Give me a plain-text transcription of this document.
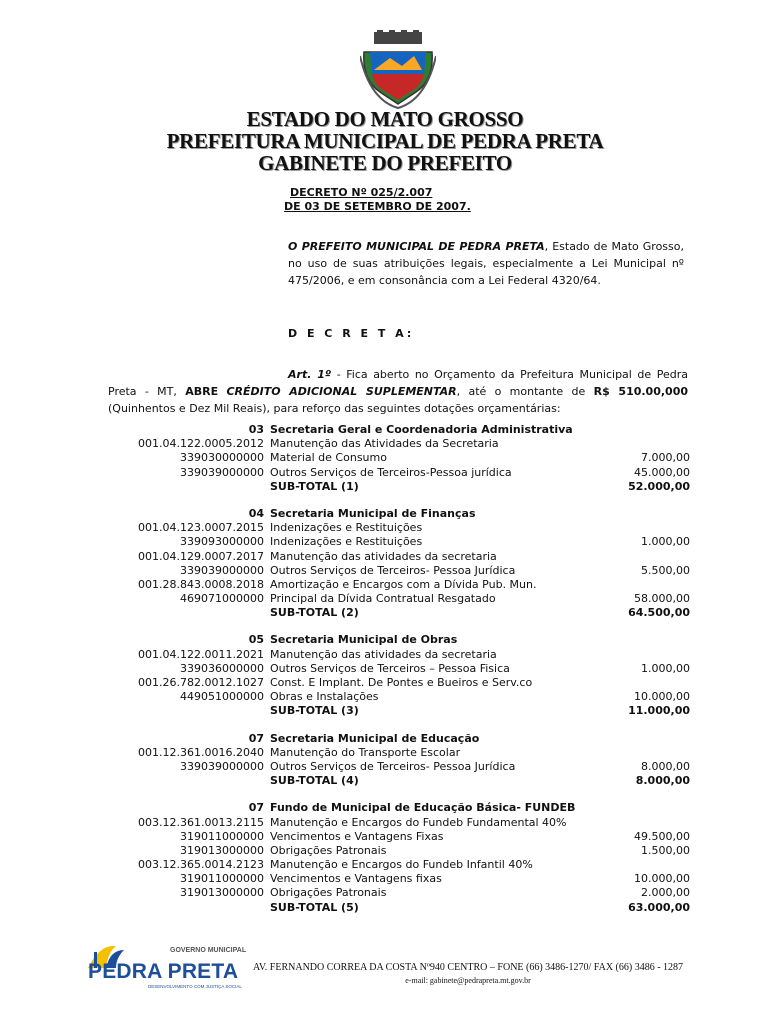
ESTADO DO MATO GROSSO
PREFEITURA MUNICIPAL DE PEDRA PRETA
GABINETE DO PREFEITO
DECRETO Nº 025/2.007
DE 03 DE SETEMBRO DE 2007.
O PREFEITO MUNICIPAL DE PEDRA PRETA, Estado de Mato Grosso, no uso de suas atribuições legais, especialmente a Lei Municipal nº 475/2006, e em consonância com a Lei Federal 4320/64.
D E C R E T A:
Art. 1º - Fica aberto no Orçamento da Prefeitura Municipal de Pedra Preta - MT, ABRE CRÉDITO ADICIONAL SUPLEMENTAR, até o montante de R$ 510.00,000 (Quinhentos e Dez Mil Reais), para reforço das seguintes dotações orçamentárias:
03 Secretaria Geral e Coordenadoria Administrativa
001.04.122.0005.2012 Manutenção das Atividades da Secretaria
339030000000 Material de Consumo	7.000,00
339039000000 Outros Serviços de Terceiros-Pessoa jurídica	45.000,00
SUB-TOTAL (1)	52.000,00
04 Secretaria Municipal de Finanças
001.04.123.0007.2015 Indenizações e Restituições
339093000000 Indenizações e Restituições	1.000,00
001.04.129.0007.2017 Manutenção das atividades da secretaria
339039000000 Outros Serviços de Terceiros- Pessoa Jurídica	5.500,00
001.28.843.0008.2018 Amortização e Encargos com a Dívida Pub. Mun.
469071000000 Principal da Dívida Contratual Resgatado	58.000,00
SUB-TOTAL (2)	64.500,00
05 Secretaria Municipal de Obras
001.04.122.0011.2021 Manutenção das atividades da secretaria
339036000000 Outros Serviços de Terceiros – Pessoa Fisica	1.000,00
001.26.782.0012.1027 Const. E Implant. De Pontes e Bueiros e Serv.co
449051000000 Obras e Instalações	10.000,00
SUB-TOTAL (3)	11.000,00
07 Secretaria Municipal de Educação
001.12.361.0016.2040 Manutenção do Transporte Escolar
339039000000 Outros Serviços de Terceiros- Pessoa Jurídica	8.000,00
SUB-TOTAL (4)	8.000,00
07 Fundo de Municipal de Educação Básica- FUNDEB
003.12.361.0013.2115 Manutenção e Encargos do Fundeb Fundamental 40%
319011000000 Vencimentos e Vantagens Fixas	49.500,00
319013000000 Obrigações Patronais	1.500,00
003.12.365.0014.2123 Manutenção e Encargos do Fundeb Infantil 40%
319011000000 Vencimentos e Vantagens fixas	10.000,00
319013000000 Obrigações Patronais	2.000,00
SUB-TOTAL (5)	63.000,00
GOVERNO MUNICIPAL
PEDRA PRETA
DESENVOLVIMENTO COM JUSTIÇA SOCIAL
AV. FERNANDO CORREA DA COSTA Nº940 CENTRO – FONE (66) 3486-1270/ FAX (66) 3486 - 1287
e-mail: gabinete@pedrapreta.mt.gov.br
